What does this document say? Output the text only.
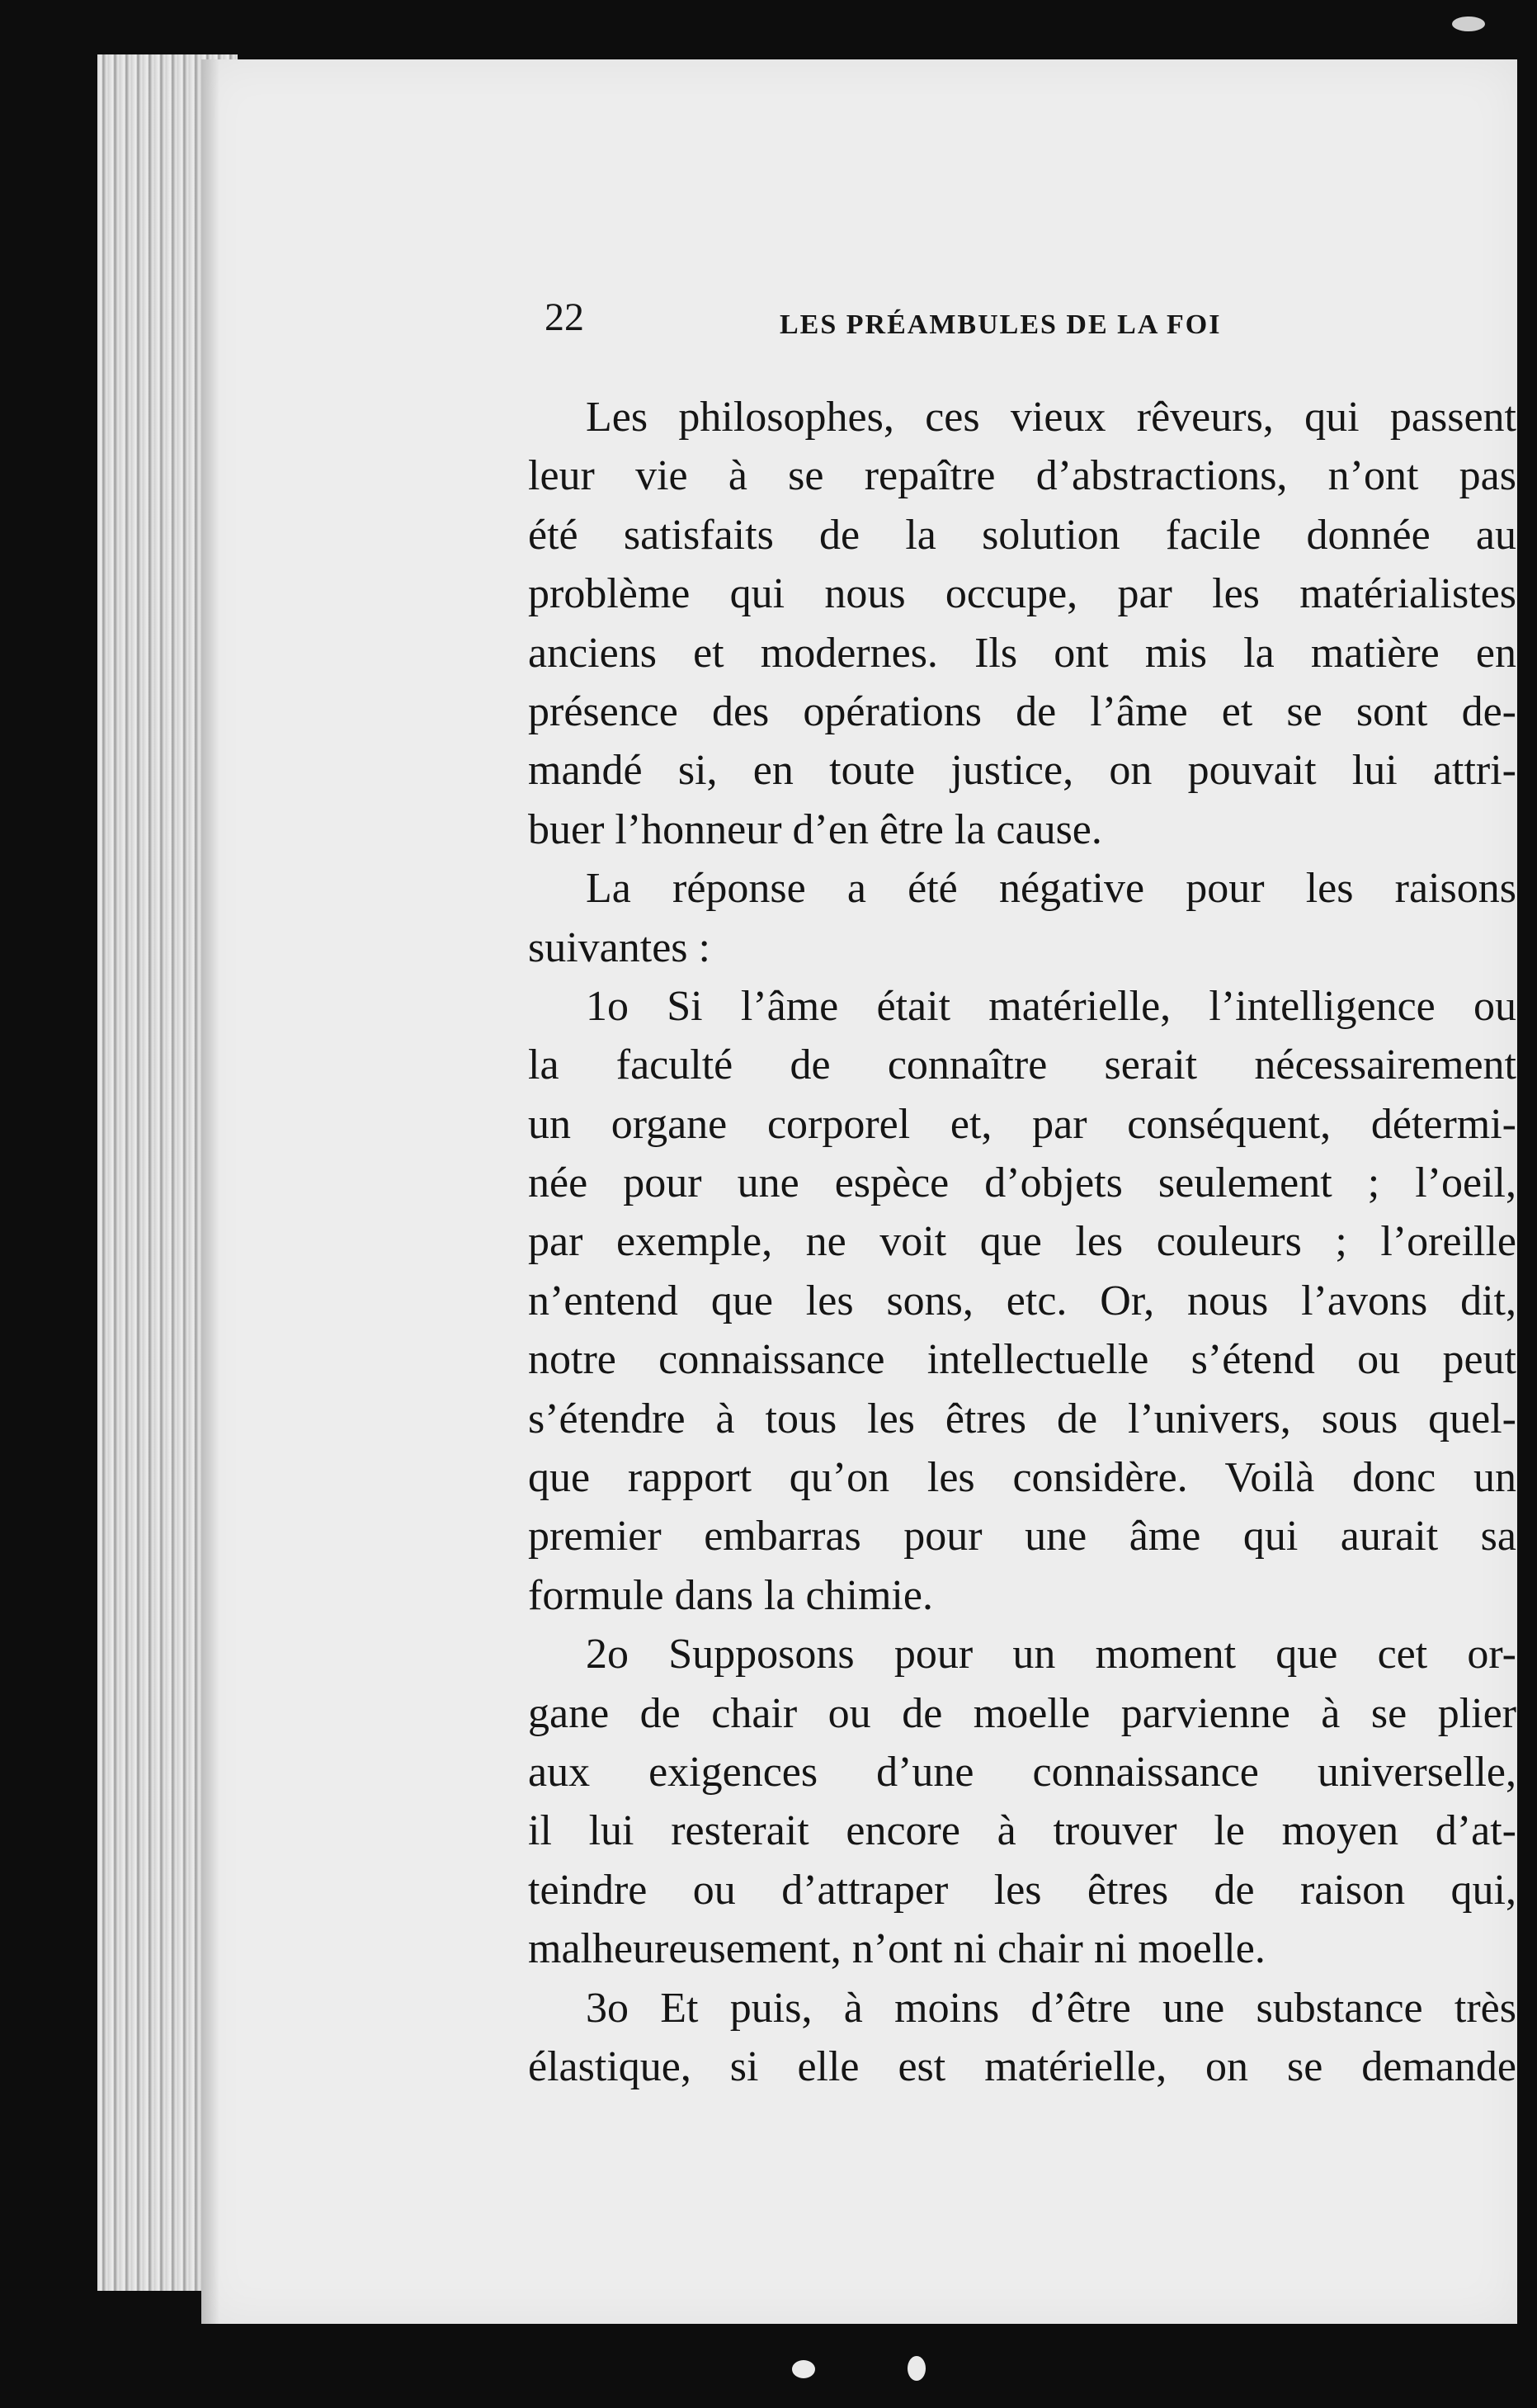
22	LES PRÉAMBULES DE LA FOI
Les philosophes, ces vieux rêveurs, qui passent
leur vie à se repaître d’abstractions, n’ont pas
été satisfaits de la solution facile donnée au
problème qui nous occupe, par les matérialistes
anciens et modernes. Ils ont mis la matière en
présence des opérations de l’âme et se sont de-
mandé si, en toute justice, on pouvait lui attri-
buer l’honneur d’en être la cause.
La réponse a été négative pour les raisons
suivantes :
1o Si l’âme était matérielle, l’intelligence ou
la faculté de connaître serait nécessairement
un organe corporel et, par conséquent, détermi-
née pour une espèce d’objets seulement ; l’oeil,
par exemple, ne voit que les couleurs ; l’oreille
n’entend que les sons, etc. Or, nous l’avons dit,
notre connaissance intellectuelle s’étend ou peut
s’étendre à tous les êtres de l’univers, sous quel-
que rapport qu’on les considère. Voilà donc un
premier embarras pour une âme qui aurait sa
formule dans la chimie.
2o Supposons pour un moment que cet or-
gane de chair ou de moelle parvienne à se plier
aux exigences d’une connaissance universelle,
il lui resterait encore à trouver le moyen d’at-
teindre ou d’attraper les êtres de raison qui,
malheureusement, n’ont ni chair ni moelle.
3o Et puis, à moins d’être une substance très
élastique, si elle est matérielle, on se demande
